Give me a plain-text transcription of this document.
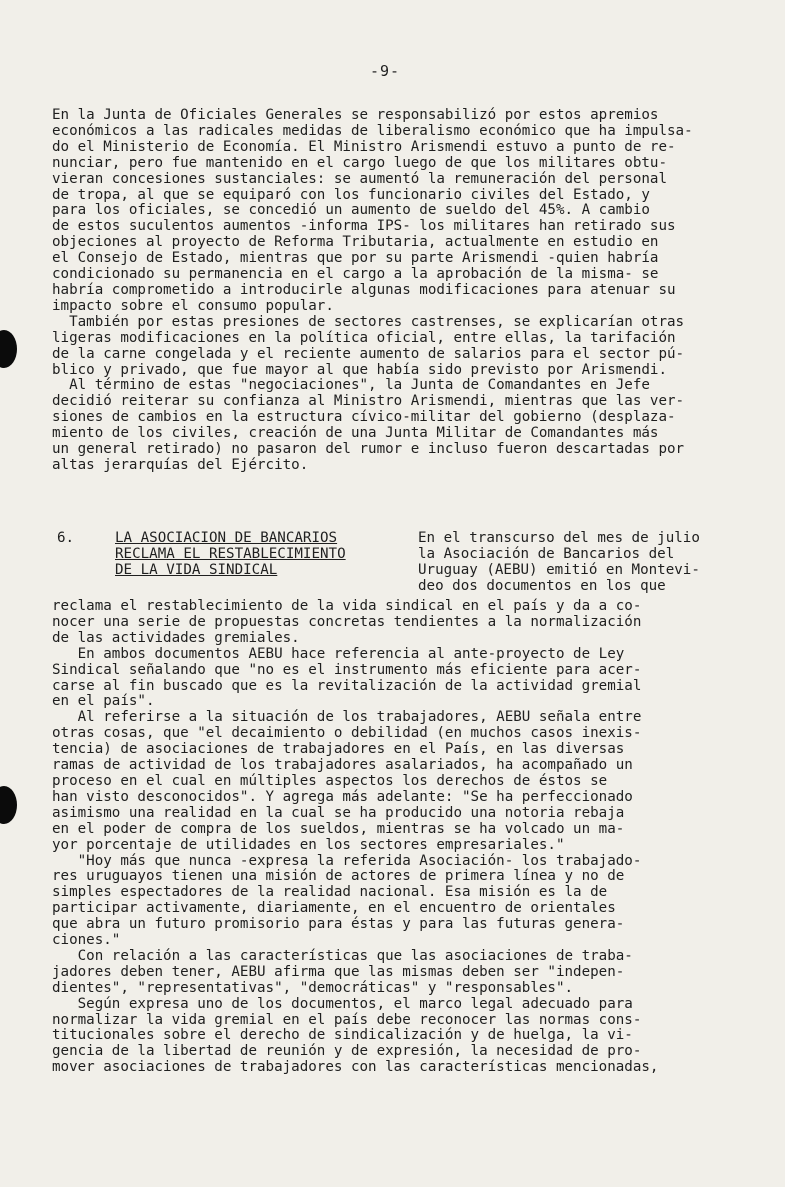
-9-

En la Junta de Oficiales Generales se responsabilizó por estos apremios

económicos a las radicales medidas de liberalismo económico que ha impulsa-

do el Ministerio de Economía. El Ministro Arismendi estuvo a punto de re-

nunciar, pero fue mantenido en el cargo luego de que los militares obtu-

vieran concesiones sustanciales: se aumentó la remuneración del personal

de tropa, al que se equiparó con los funcionario civiles del Estado, y

para los oficiales, se concedió un aumento de sueldo del 45%. A cambio

de estos suculentos aumentos -informa IPS- los militares han retirado sus

objeciones al proyecto de Reforma Tributaria, actualmente en estudio en

el Consejo de Estado, mientras que por su parte Arismendi -quien habría

condicionado su permanencia en el cargo a la aprobación de la misma- se

habría comprometido a introducirle algunas modificaciones para atenuar su

impacto sobre el consumo popular.

También por estas presiones de sectores castrenses, se explicarían otras

ligeras modificaciones en la política oficial, entre ellas, la tarifación

de la carne congelada y el reciente aumento de salarios para el sector pú-

blico y privado, que fue mayor al que había sido previsto por Arismendi.

Al término de estas "negociaciones", la Junta de Comandantes en Jefe

decidió reiterar su confianza al Ministro Arismendi, mientras que las ver-

siones de cambios en la estructura cívico-militar del gobierno (desplaza-

miento de los civiles, creación de una Junta Militar de Comandantes más

un general retirado) no pasaron del rumor e incluso fueron descartadas por

altas jerarquías del Ejército.

6.	LA ASOCIACION DE BANCARIOS

RECLAMA EL RESTABLECIMIENTO

DE LA VIDA SINDICAL

En el transcurso del mes de julio

la Asociación de Bancarios del

Uruguay (AEBU) emitió en Montevi-

deo dos documentos en los que

reclama el restablecimiento de la vida sindical en el país y da a co-

nocer una serie de propuestas concretas tendientes a la normalización

de las actividades gremiales.

En ambos documentos AEBU hace referencia al ante-proyecto de Ley

Sindical señalando que "no es el instrumento más eficiente para acer-

carse al fin buscado que es la revitalización de la actividad gremial

en el país".

Al referirse a la situación de los trabajadores, AEBU señala entre

otras cosas, que "el decaimiento o debilidad (en muchos casos inexis-

tencia) de asociaciones de trabajadores en el País, en las diversas

ramas de actividad de los trabajadores asalariados, ha acompañado un

proceso en el cual en múltiples aspectos los derechos de éstos se

han visto desconocidos". Y agrega más adelante: "Se ha perfeccionado

asimismo una realidad en la cual se ha producido una notoria rebaja

en el poder de compra de los sueldos, mientras se ha volcado un ma-

yor porcentaje de utilidades en los sectores empresariales."

"Hoy más que nunca -expresa la referida Asociación- los trabajado-

res uruguayos tienen una misión de actores de primera línea y no de

simples espectadores de la realidad nacional. Esa misión es la de

participar activamente, diariamente, en el encuentro de orientales

que abra un futuro promisorio para éstas y para las futuras genera-

ciones."

Con relación a las características que las asociaciones de traba-

jadores deben tener, AEBU afirma que las mismas deben ser "indepen-

dientes", "representativas", "democráticas" y "responsables".

Según expresa uno de los documentos, el marco legal adecuado para

normalizar la vida gremial en el país debe reconocer las normas cons-

titucionales sobre el derecho de sindicalización y de huelga, la vi-

gencia de la libertad de reunión y de expresión, la necesidad de pro-

mover asociaciones de trabajadores con las características mencionadas,
